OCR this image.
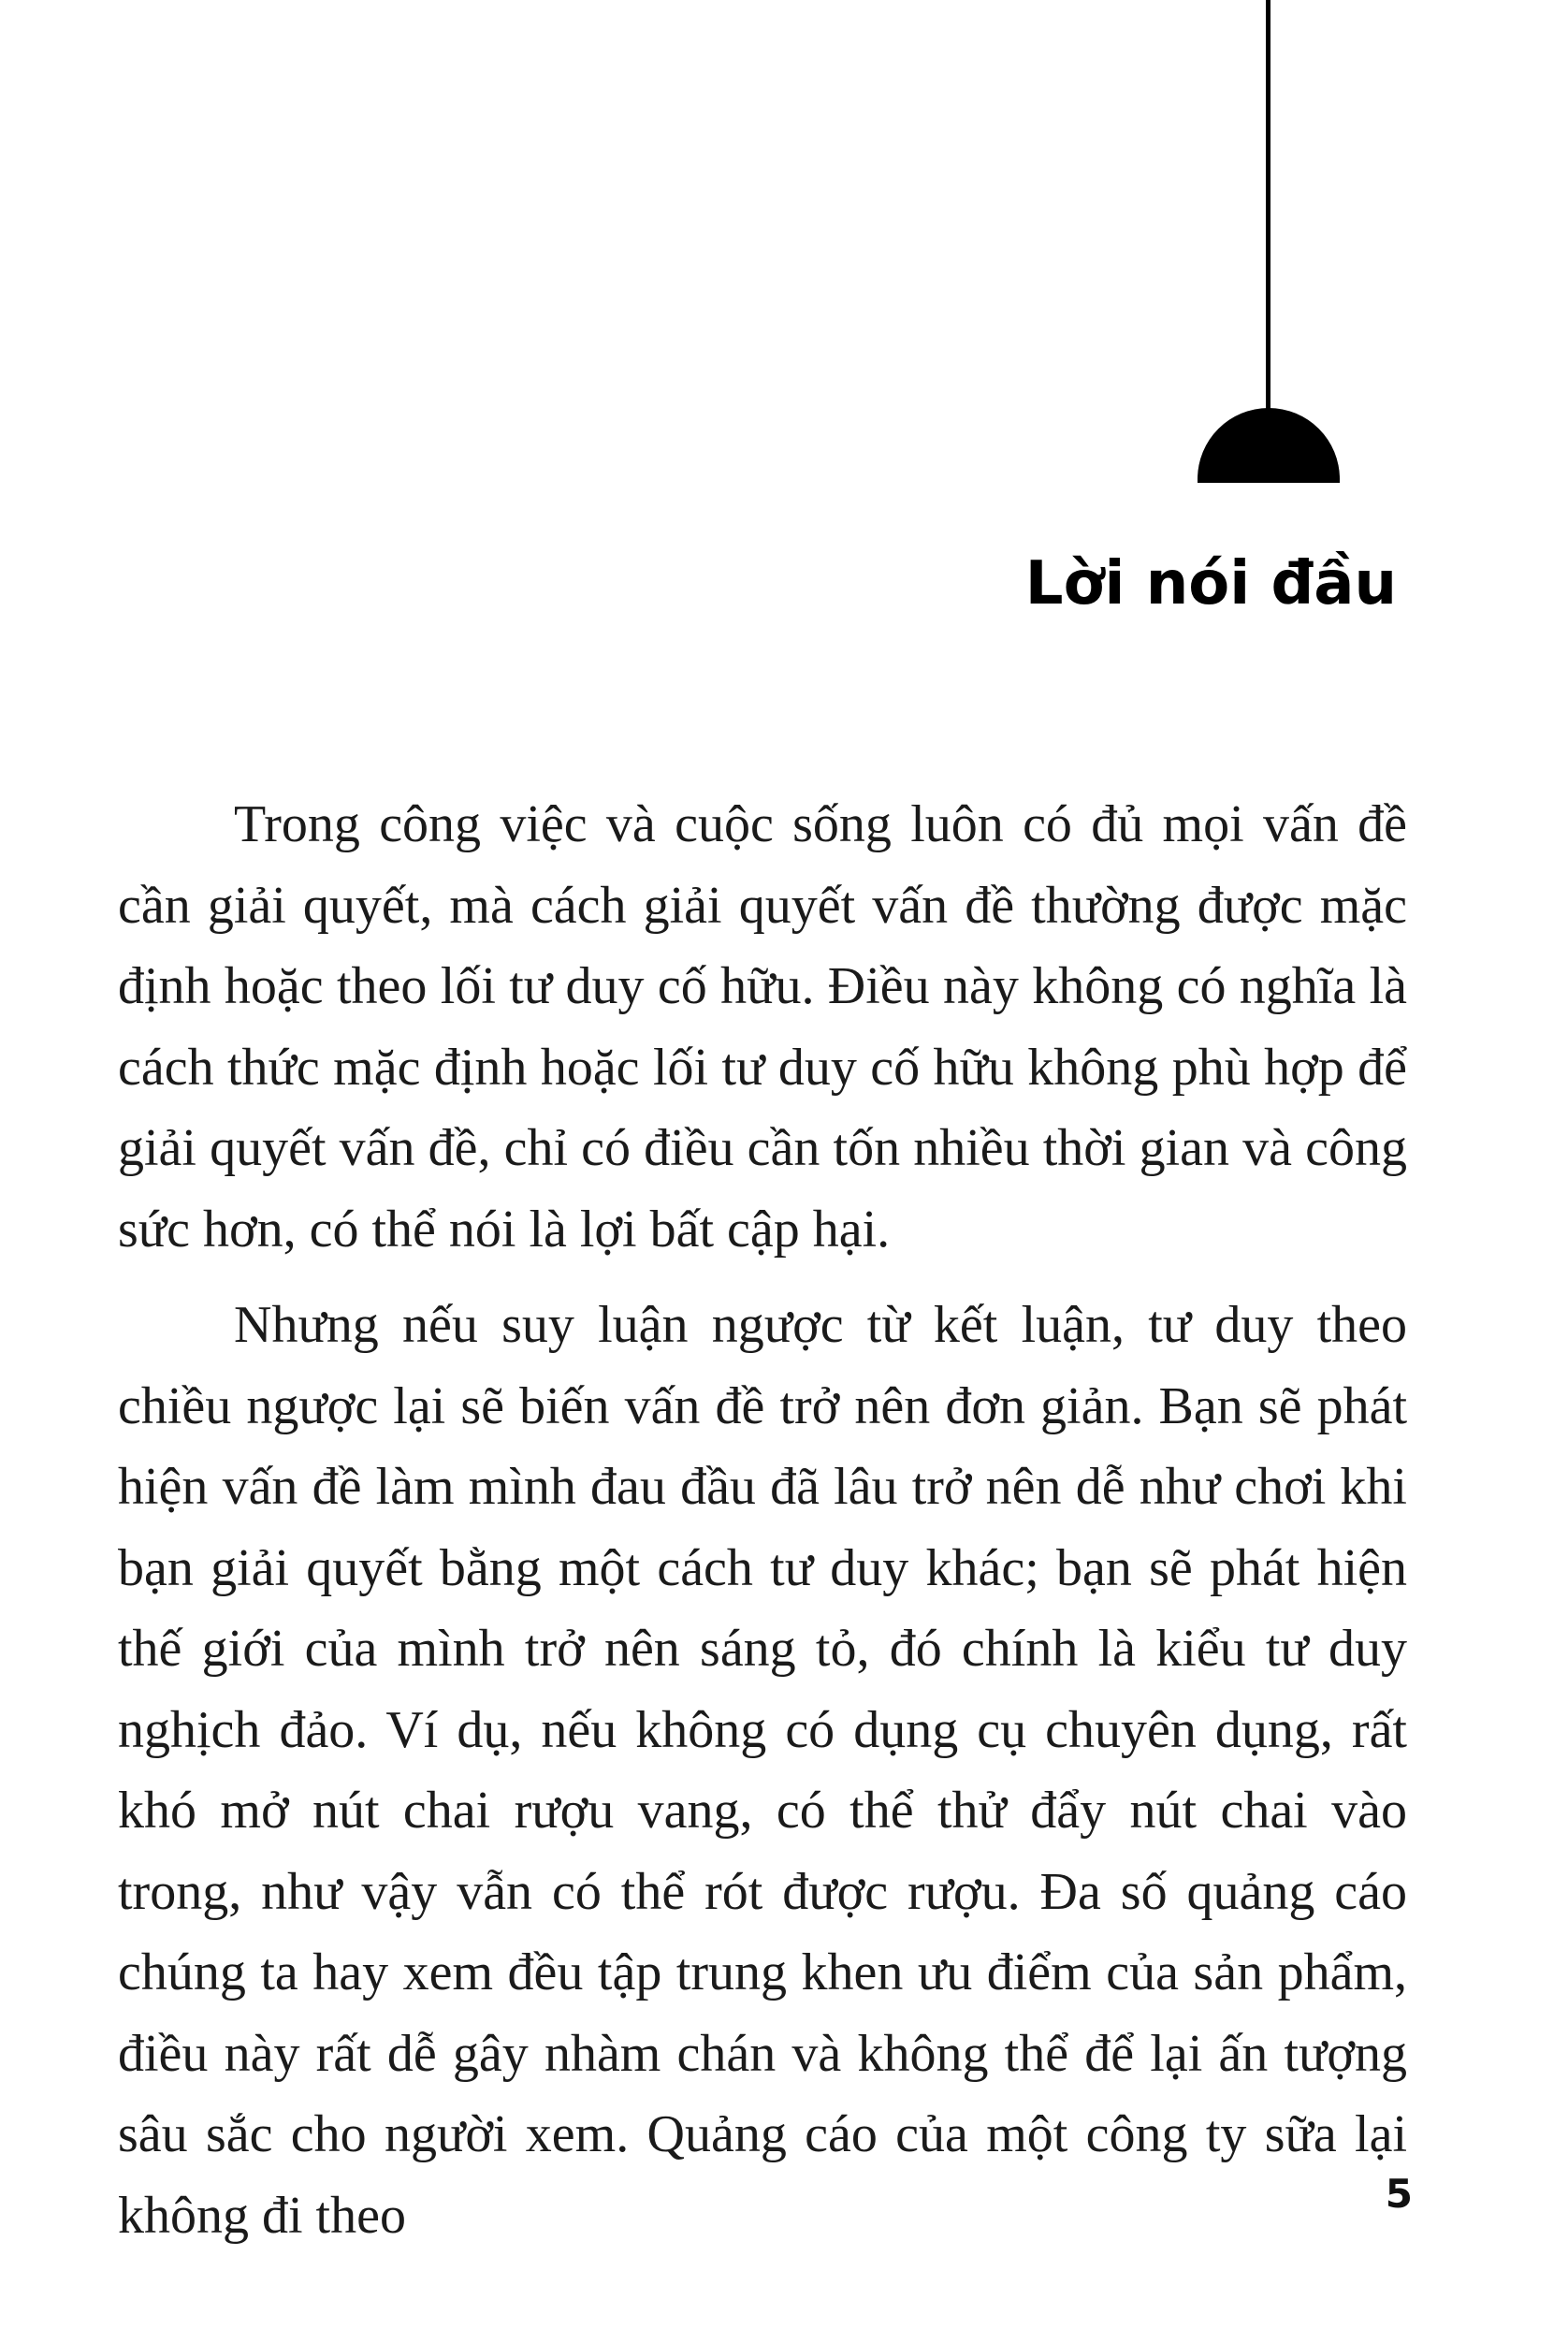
Lời nói đầu

Trong công việc và cuộc sống luôn có đủ mọi vấn đề cần giải quyết, mà cách giải quyết vấn đề thường được mặc định hoặc theo lối tư duy cố hữu. Điều này không có nghĩa là cách thức mặc định hoặc lối tư duy cố hữu không phù hợp để giải quyết vấn đề, chỉ có điều cần tốn nhiều thời gian và công sức hơn, có thể nói là lợi bất cập hại.

Nhưng nếu suy luận ngược từ kết luận, tư duy theo chiều ngược lại sẽ biến vấn đề trở nên đơn giản. Bạn sẽ phát hiện vấn đề làm mình đau đầu đã lâu trở nên dễ như chơi khi bạn giải quyết bằng một cách tư duy khác; bạn sẽ phát hiện thế giới của mình trở nên sáng tỏ, đó chính là kiểu tư duy nghịch đảo. Ví dụ, nếu không có dụng cụ chuyên dụng, rất khó mở nút chai rượu vang, có thể thử đẩy nút chai vào trong, như vậy vẫn có thể rót được rượu. Đa số quảng cáo chúng ta hay xem đều tập trung khen ưu điểm của sản phẩm, điều này rất dễ gây nhàm chán và không thể để lại ấn tượng sâu sắc cho người xem. Quảng cáo của một công ty sữa lại không đi theo	5
